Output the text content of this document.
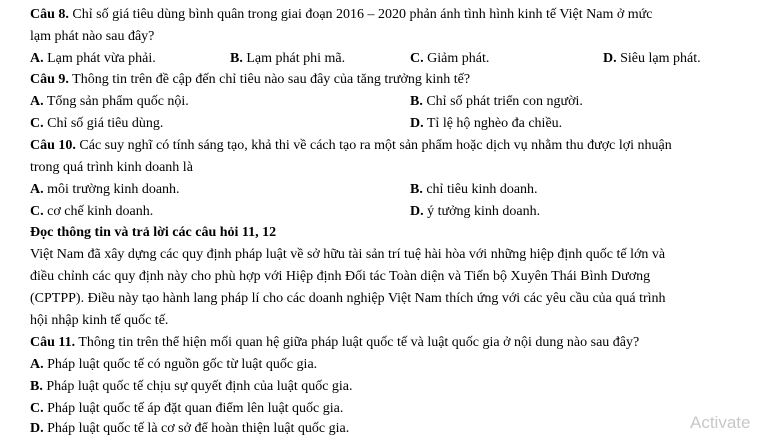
Câu 8. Chỉ số giá tiêu dùng bình quân trong giai đoạn 2016 – 2020 phản ánh tình hình kinh tế Việt Nam ở mức
lạm phát nào sau đây?
A. Lạm phát vừa phải.	B. Lạm phát phi mã.	C. Giảm phát.	D. Siêu lạm phát.
Câu 9. Thông tin trên đề cập đến chỉ tiêu nào sau đây của tăng trưởng kinh tế?
A. Tổng sản phẩm quốc nội.	B. Chỉ số phát triển con người.
C. Chỉ số giá tiêu dùng.	D. Tỉ lệ hộ nghèo đa chiều.
Câu 10. Các suy nghĩ có tính sáng tạo, khả thi về cách tạo ra một sản phẩm hoặc dịch vụ nhằm thu được lợi nhuận
trong quá trình kinh doanh là
A. môi trường kinh doanh.	B. chỉ tiêu kinh doanh.
C. cơ chế kinh doanh.	D. ý tưởng kinh doanh.
Đọc thông tin và trả lời các câu hỏi 11, 12
Việt Nam đã xây dựng các quy định pháp luật về sở hữu tài sản trí tuệ hài hòa với những hiệp định quốc tế lớn và
điều chỉnh các quy định này cho phù hợp với Hiệp định Đối tác Toàn diện và Tiến bộ Xuyên Thái Bình Dương
(CPTPP). Điều này tạo hành lang pháp lí cho các doanh nghiệp Việt Nam thích ứng với các yêu cầu của quá trình
hội nhập kinh tế quốc tế.
Câu 11. Thông tin trên thể hiện mối quan hệ giữa pháp luật quốc tế và luật quốc gia ở nội dung nào sau đây?
A. Pháp luật quốc tế có nguồn gốc từ luật quốc gia.
B. Pháp luật quốc tế chịu sự quyết định của luật quốc gia.
C. Pháp luật quốc tế áp đặt quan điểm lên luật quốc gia.
D. Pháp luật quốc tế là cơ sở để hoàn thiện luật quốc gia.	Activate
